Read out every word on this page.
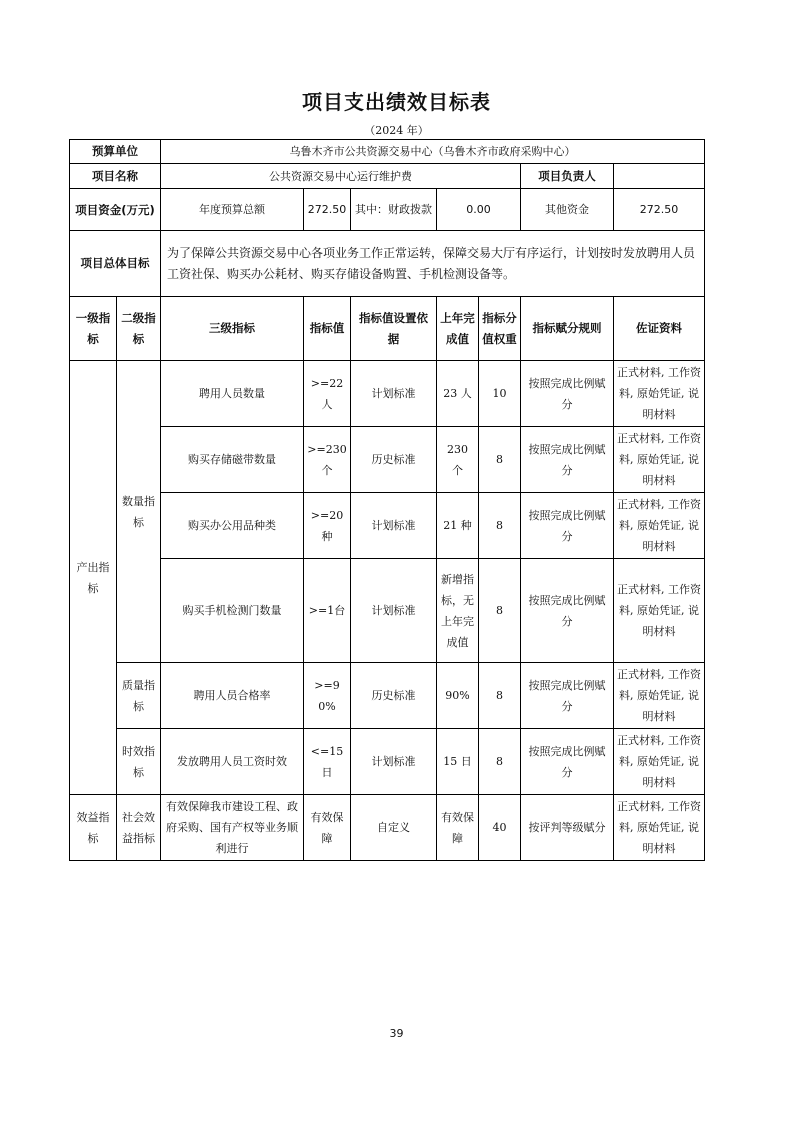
项目支出绩效目标表
（2024 年）
预算单位		乌鲁木齐市公共资源交易中心（乌鲁木齐市政府采购中心）						
项目名称		公共资源交易中心运行维护费					项目负责人	
项目资金(万元)		年度预算总额	272.50	其中：财政拨款	0.00		其他资金	272.50
项目总体目标		为了保障公共资源交易中心各项业务工作正常运转，保障交易大厅有序运行，计划按时发放聘用人员工资社保、购买办公耗材、购买存储设备购置、手机检测设备等。						
一级指标	二级指标	三级指标	指标值	指标值设置依据	上年完成值	指标分值权重	指标赋分规则	佐证资料
产出指标	数量指标	聘用人员数量	>=22人	计划标准	23 人	10	按照完成比例赋分	正式材料, 工作资料, 原始凭证, 说明材料
		购买存储磁带数量	>=230个	历史标准	230 个	8	按照完成比例赋分	正式材料, 工作资料, 原始凭证, 说明材料
		购买办公用品种类	>=20种	计划标准	21 种	8	按照完成比例赋分	正式材料, 工作资料, 原始凭证, 说明材料
		购买手机检测门数量	>=1台	计划标准	新增指标，无上年完成值	8	按照完成比例赋分	正式材料, 工作资料, 原始凭证, 说明材料
	质量指标	聘用人员合格率	>=90%	历史标准	90%	8	按照完成比例赋分	正式材料, 工作资料, 原始凭证, 说明材料
	时效指标	发放聘用人员工资时效	<=15日	计划标准	15 日	8	按照完成比例赋分	正式材料, 工作资料, 原始凭证, 说明材料
效益指标	社会效益指标	有效保障我市建设工程、政府采购、国有产权等业务顺利进行	有效保障	自定义	有效保障	40	按评判等级赋分	正式材料, 工作资料, 原始凭证, 说明材料
39
